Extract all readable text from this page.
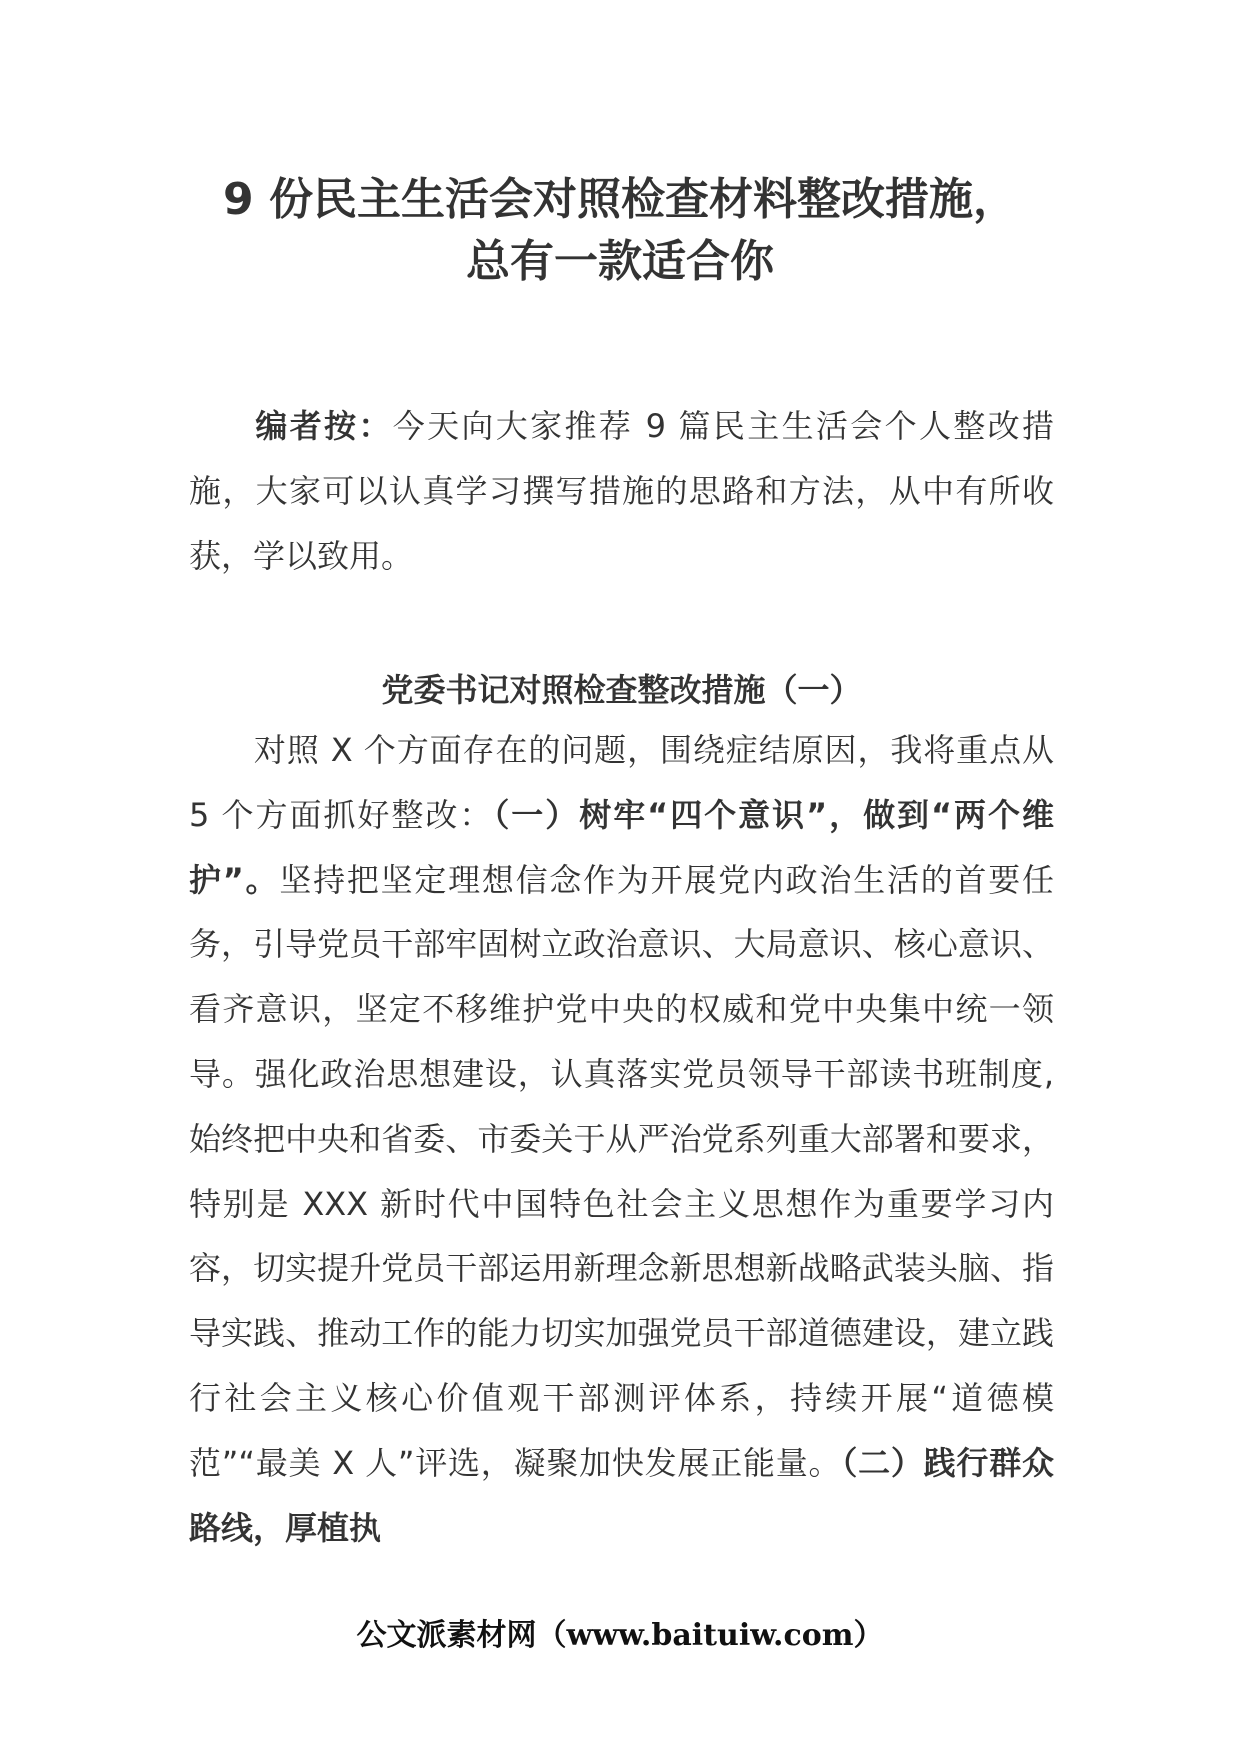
9 份民主生活会对照检查材料整改措施，
总有一款适合你

编者按：今天向大家推荐 9 篇民主生活会个人整改措施，大家可以认真学习撰写措施的思路和方法，从中有所收获，学以致用。

党委书记对照检查整改措施（一）

对照 X 个方面存在的问题，围绕症结原因，我将重点从 5 个方面抓好整改：（一）树牢“四个意识”，做到“两个维护”。坚持把坚定理想信念作为开展党内政治生活的首要任务，引导党员干部牢固树立政治意识、大局意识、核心意识、看齐意识，坚定不移维护党中央的权威和党中央集中统一领导。强化政治思想建设，认真落实党员领导干部读书班制度,始终把中央和省委、市委关于从严治党系列重大部署和要求，特别是 XXX 新时代中国特色社会主义思想作为重要学习内容，切实提升党员干部运用新理念新思想新战略武装头脑、指导实践、推动工作的能力切实加强党员干部道德建设，建立践行社会主义核心价值观干部测评体系，持续开展“道德模范”“最美 X 人”评选，凝聚加快发展正能量。（二）践行群众路线，厚植执

公文派素材网（www.baituiw.com）
